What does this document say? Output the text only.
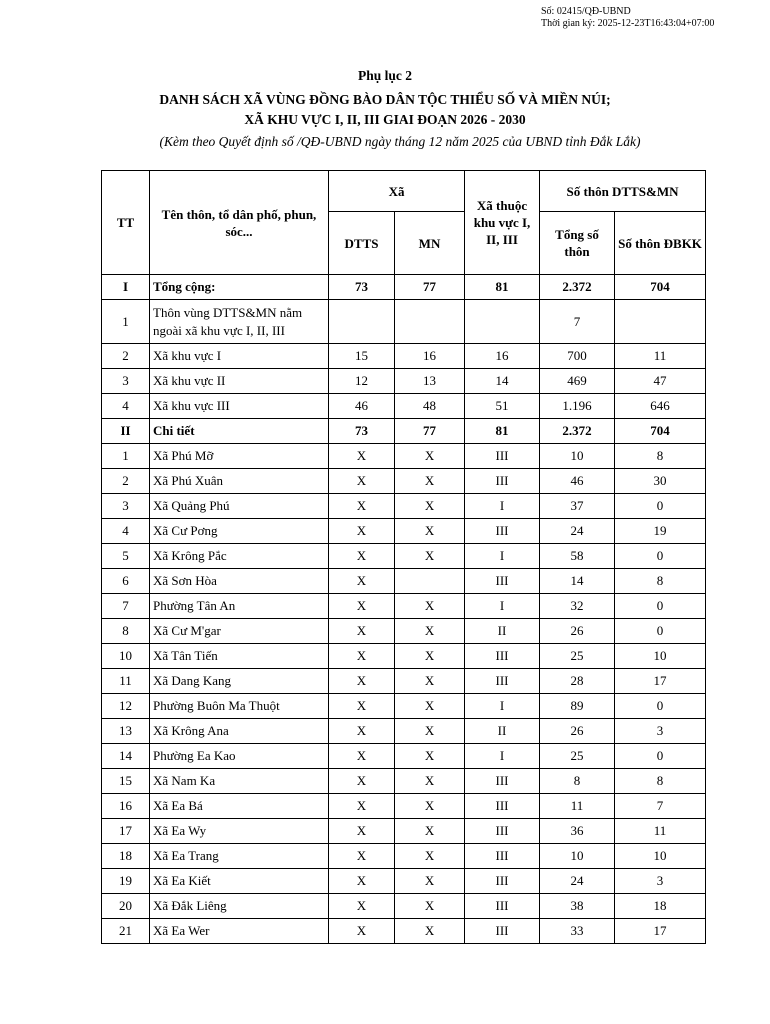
Số: 02415/QĐ-UBND
Thời gian ký: 2025-12-23T16:43:04+07:00
Phụ lục 2
DANH SÁCH XÃ VÙNG ĐỒNG BÀO DÂN TỘC THIỂU SỐ VÀ MIỀN NÚI;
XÃ KHU VỰC I, II, III GIAI ĐOẠN 2026 - 2030
(Kèm theo Quyết định số /QĐ-UBND ngày tháng 12 năm 2025 của UBND tỉnh Đắk Lắk)
TT	Tên thôn, tổ dân phố, phun, sóc...	Xã		Xã thuộc khu vực I, II, III	Số thôn DTTS&MN	
		DTTS	MN		Tổng số thôn	Số thôn ĐBKK
I	Tổng cộng:	73	77	81	2.372	704
1	Thôn vùng DTTS&MN nằm ngoài xã khu vực I, II, III				7	
2	Xã khu vực I	15	16	16	700	11
3	Xã khu vực II	12	13	14	469	47
4	Xã khu vực III	46	48	51	1.196	646
II	Chi tiết	73	77	81	2.372	704
1	Xã Phú Mỡ	X	X	III	10	8
2	Xã Phú Xuân	X	X	III	46	30
3	Xã Quảng Phú	X	X	I	37	0
4	Xã Cư Pơng	X	X	III	24	19
5	Xã Krông Pắc	X	X	I	58	0
6	Xã Sơn Hòa	X		III	14	8
7	Phường Tân An	X	X	I	32	0
8	Xã Cư M'gar	X	X	II	26	0
10	Xã Tân Tiến	X	X	III	25	10
11	Xã Dang Kang	X	X	III	28	17
12	Phường Buôn Ma Thuột	X	X	I	89	0
13	Xã Krông Ana	X	X	II	26	3
14	Phường Ea Kao	X	X	I	25	0
15	Xã Nam Ka	X	X	III	8	8
16	Xã Ea Bá	X	X	III	11	7
17	Xã Ea Wy	X	X	III	36	11
18	Xã Ea Trang	X	X	III	10	10
19	Xã Ea Kiết	X	X	III	24	3
20	Xã Đắk Liêng	X	X	III	38	18
21	Xã Ea Wer	X	X	III	33	17
